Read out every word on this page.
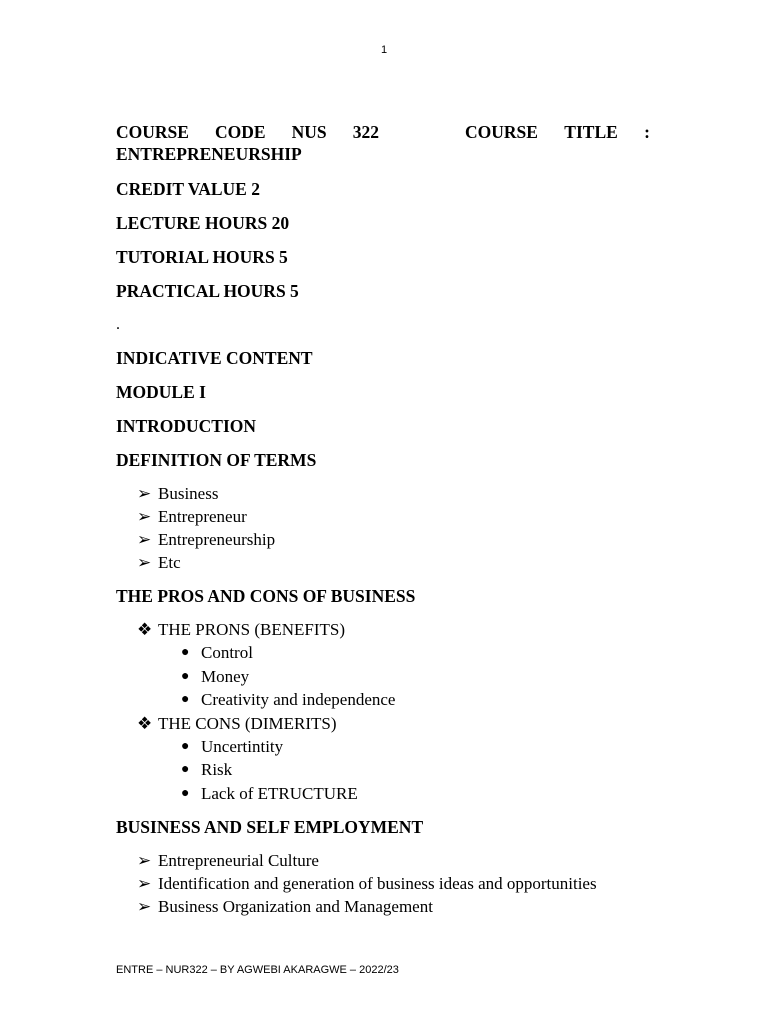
1
COURSE CODE NUS 322	COURSE TITLE :
ENTREPRENEURSHIP
CREDIT VALUE 2
LECTURE HOURS 20
TUTORIAL HOURS 5
PRACTICAL HOURS 5
.
INDICATIVE CONTENT
MODULE I
INTRODUCTION
DEFINITION OF TERMS
➢ Business
➢ Entrepreneur
➢ Entrepreneurship
➢ Etc
THE PROS AND CONS OF BUSINESS
❖ THE PRONS (BENEFITS)
● Control
● Money
● Creativity and independence
❖ THE CONS (DIMERITS)
● Uncertintity
● Risk
● Lack of ETRUCTURE
BUSINESS AND SELF EMPLOYMENT
➢ Entrepreneurial Culture
➢ Identification and generation of business ideas and opportunities
➢ Business Organization and Management
ENTRE – NUR322 – BY AGWEBI AKARAGWE – 2022/23
